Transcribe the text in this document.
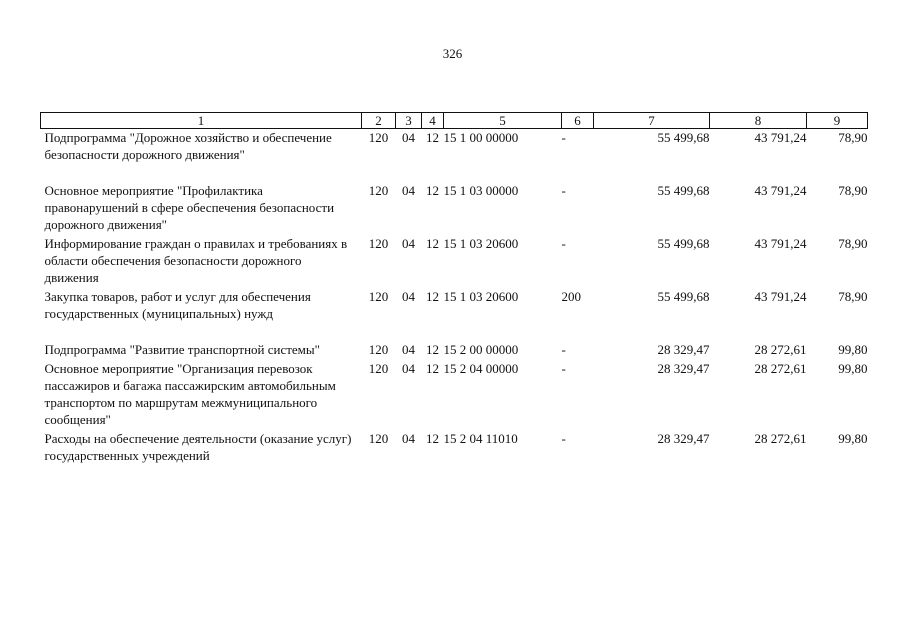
326
1	2	3	4	5	6	7	8	9
Подпрограмма "Дорожное хозяйство и обеспечение безопасности дорожного движения"	120	04	12	15 1 00 00000	-	55 499,68	43 791,24	78,90
Основное мероприятие "Профилактика правонарушений в сфере обеспечения безопасности дорожного движения"	120	04	12	15 1 03 00000	-	55 499,68	43 791,24	78,90
Информирование граждан о правилах и требованиях в области обеспечения безопасности дорожного движения	120	04	12	15 1 03 20600	-	55 499,68	43 791,24	78,90
Закупка товаров, работ и услуг для обеспечения государственных (муниципальных) нужд	120	04	12	15 1 03 20600	200	55 499,68	43 791,24	78,90
Подпрограмма "Развитие транспортной системы"	120	04	12	15 2 00 00000	-	28 329,47	28 272,61	99,80
Основное мероприятие "Организация перевозок пассажиров и багажа пассажирским автомобильным транспортом по маршрутам межмуниципального сообщения"	120	04	12	15 2 04 00000	-	28 329,47	28 272,61	99,80
Расходы на обеспечение деятельности (оказание услуг) государственных учреждений	120	04	12	15 2 04 11010	-	28 329,47	28 272,61	99,80
